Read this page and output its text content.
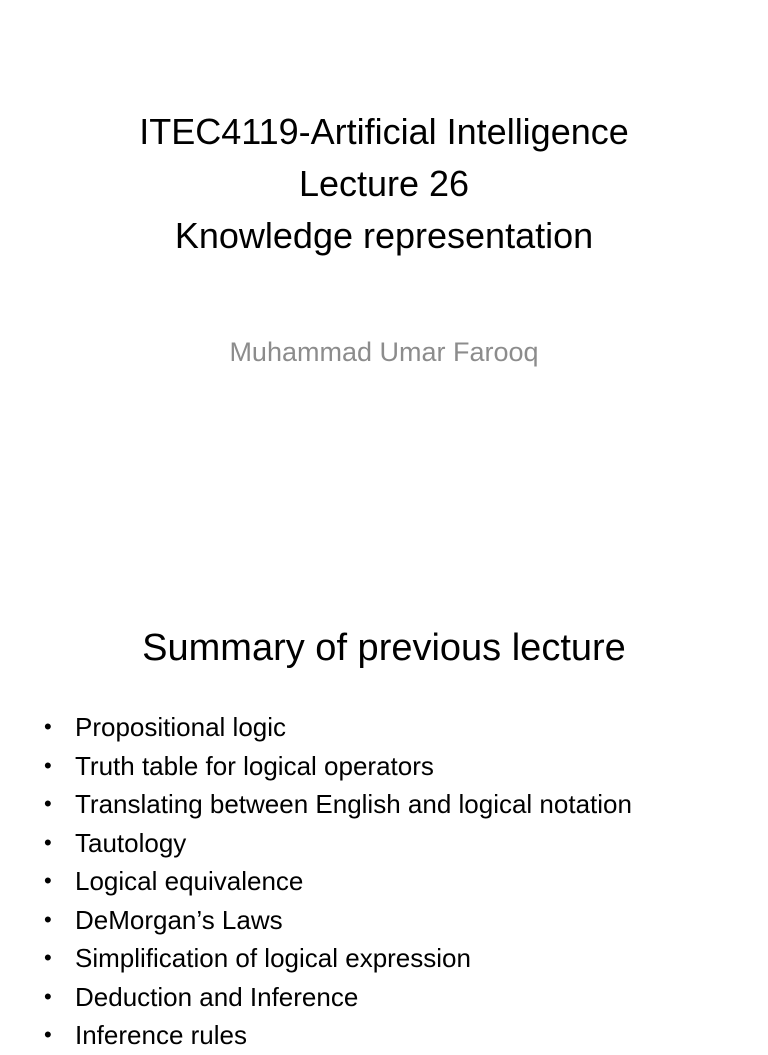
ITEC4119-Artificial Intelligence
Lecture 26
Knowledge representation
Muhammad Umar Farooq
Summary of previous lecture
• Propositional logic
• Truth table for logical operators
• Translating between English and logical notation
• Tautology
• Logical equivalence
• DeMorgan’s Laws
• Simplification of logical expression
• Deduction and Inference
• Inference rules
